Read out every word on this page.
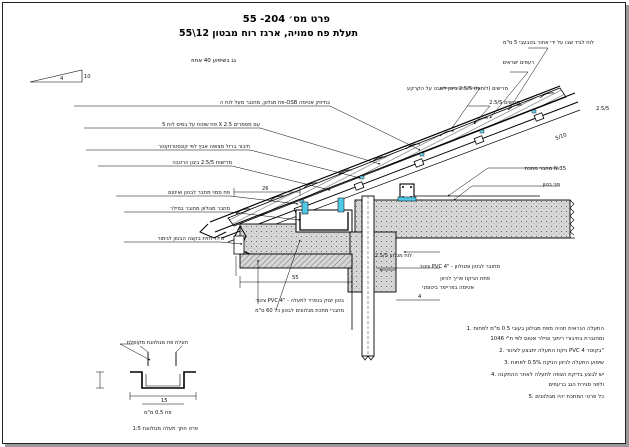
פרט מס׳ 204- 55
תעלת פח סמויה, ארגז רוח מבטון 12\55
גג בשיפוע 40 אחוז
4	10
26
55
5/10
4
לוח לביד שבו על ידי אחור בטבעבי 5 מ"מ
רעפים ישראים
מרישים (לוחות) 2.5/5 ביגון לשבט על הקרקע
מרישים 2.5/5
2.5/5
פח מגלוון, מחובר מעל לוח ה-OSB בחיזוק אטימה
פח שטוח על בסיס לוח 5 X 2.5 עם מסמרים
חיבור ברזל מצופה אבץ לפי קונסטרוקטור
מרישות 2.5/5 ביגון הרטבה
פח סמוי מחבר לבטון ואיטום
מחבר מגולוון מחובר בסילר
מילוי חזית בקצה הבטון לגימור
מחבר מתכת N.35
פני בטון
לוח מגלוון 2.5/5
צינור PVC 4" - מחובר לבטון ומגולוון
פתח הניקוז פריך לכיוון
אטימה בפריימר ביטומני
צינור PVC 4" - בטון יצוק בנפרד לתעלה
מחברי מתכת מגלוונים לבטון כל 60 ס"מ
תעלת פח מגולוונת מקופלת
15
פח 0.5 מ"מ
פרט חתך תעלה מגולוונת 1:5
1. התעלה הנראית תהיה מפח מגולוון בעובי 0.5 מ"מ לפחות
ומחוברת בחיבורי ריתוך וסילר אטום לפי ת"י 1046
2. ניקוז התעלה יתבצע לצינור PVC בקוטר 4"
3. שיפוע התעלה לכיוון הניקוז 0.5% לפחות
4. יש לבצע בדיקת הצפה לתעלה לאחר ההתקנה
ולפני סגירת הגג ברעפים
5. כל פרטי המתכת יהיו מגולוונים
